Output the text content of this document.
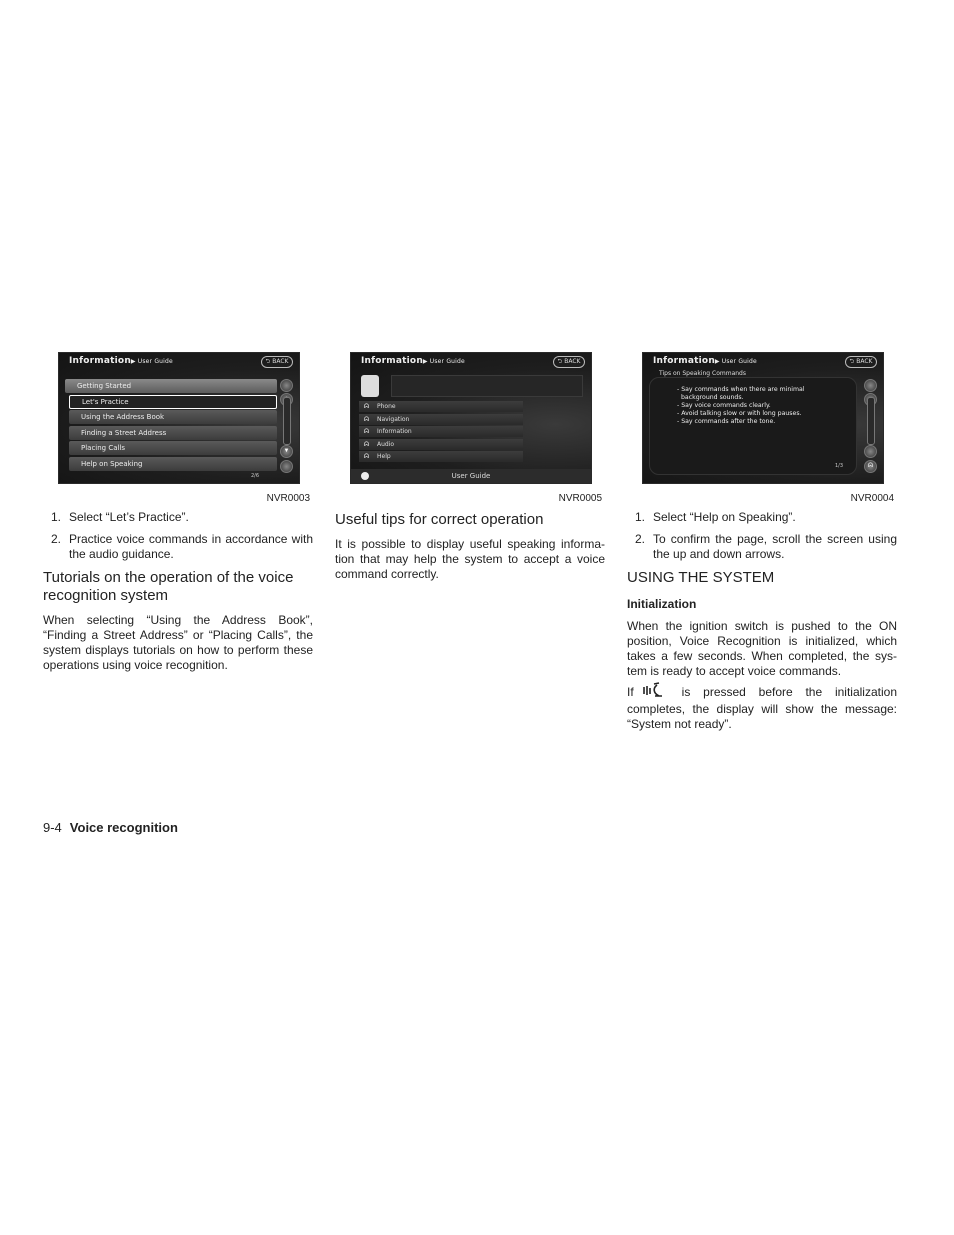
Information▶ User Guide	⮌ BACK
Getting Started
Let's Practice
Using the Address Book
Finding a Street Address
Placing Calls
Help on Speaking
▼
2/6
NVR0003
1. Select “Let’s Practice”.
2. Practice voice commands in accordance with the audio guidance.
Tutorials on the operation of the voice recognition system
When selecting “Using the Address Book”, “Finding a Street Address” or “Placing Calls”, the system displays tutorials on how to perform these operations using voice recognition.
Information▶ User Guide	⮌ BACK
ᗣ Phone
ᗣ Navigation
ᗣ Information
ᗣ Audio
ᗣ Help
User Guide
NVR0005
Useful tips for correct operation
It is possible to display useful speaking informa-tion that may help the system to accept a voice command correctly.
Information▶ User Guide	⮌ BACK
Tips on Speaking Commands
- Say commands when there are minimal
background sounds.
- Say voice commands clearly.
- Avoid talking slow or with long pauses.
- Say commands after the tone.
ᗣ
1/3
NVR0004
1. Select “Help on Speaking”.
2. To confirm the page, scroll the screen using the up and down arrows.
USING THE SYSTEM
Initialization
When the ignition switch is pushed to the ON position, Voice Recognition is initialized, which takes a few seconds. When completed, the sys-tem is ready to accept voice commands.
If	is pressed before the initialization completes, the display will show the message: “System not ready”.
9-4 Voice recognition
